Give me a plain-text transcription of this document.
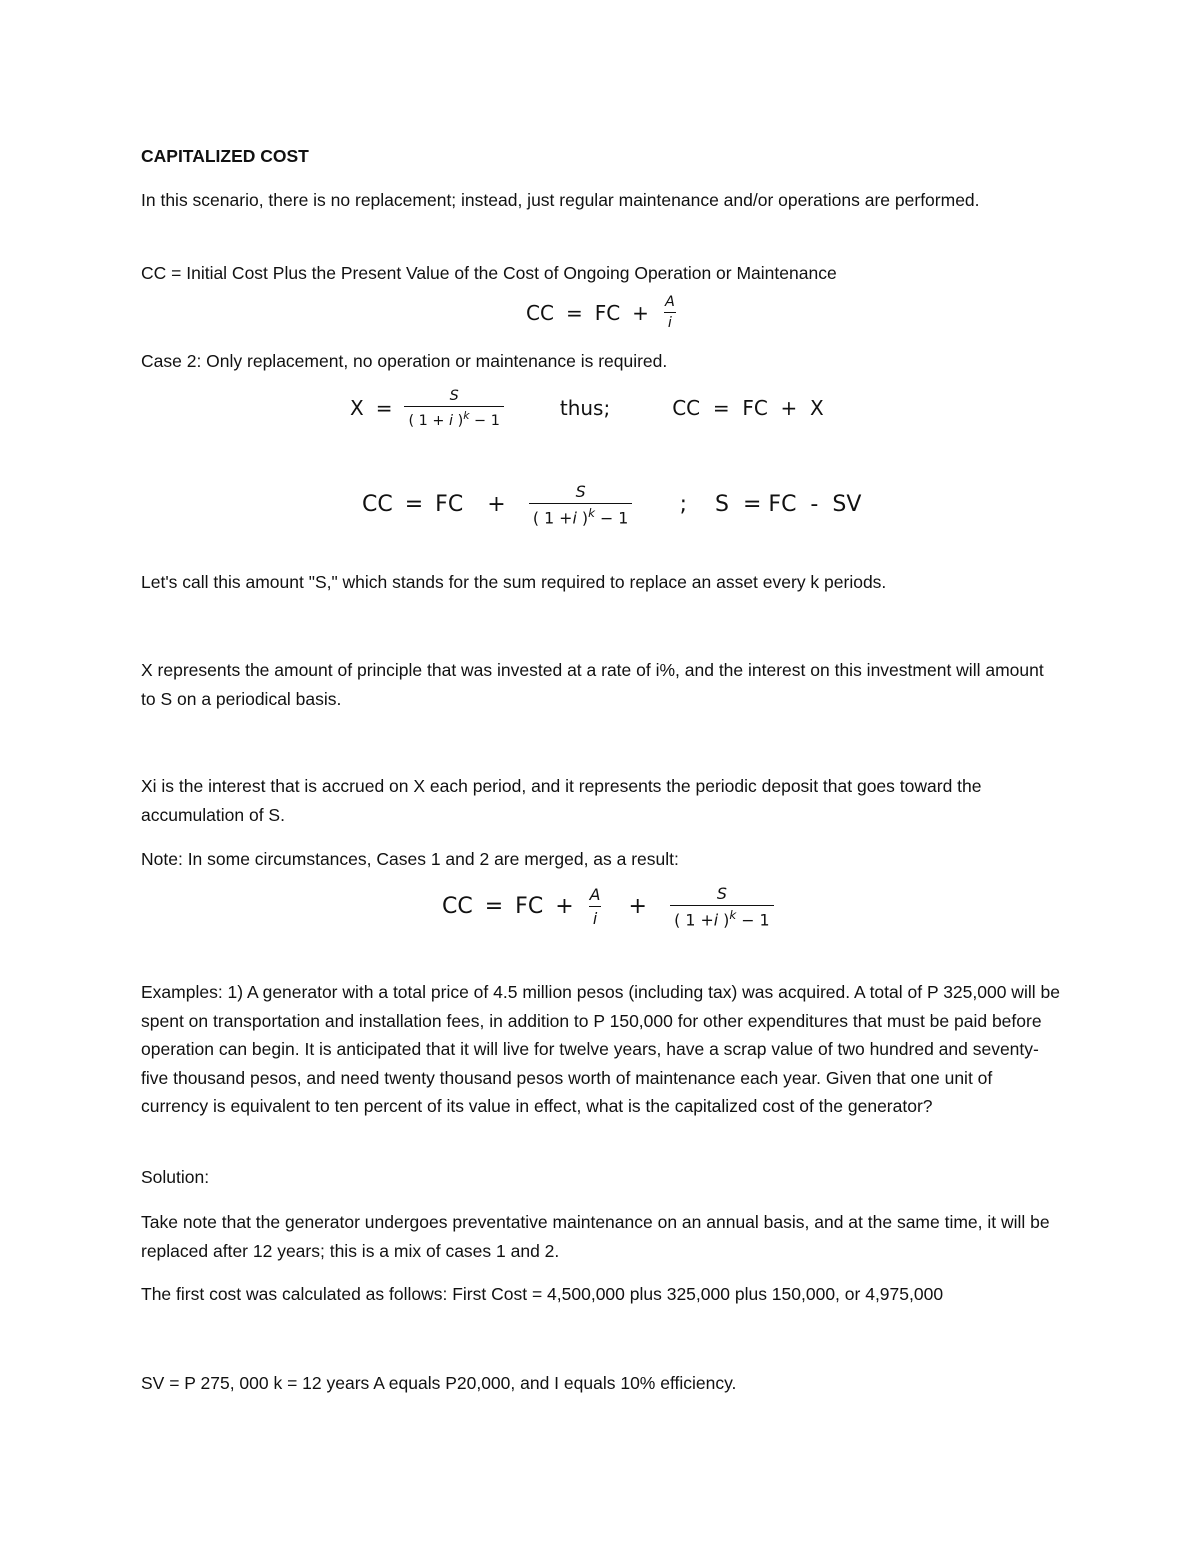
CAPITALIZED COST

In this scenario, there is no replacement; instead, just regular maintenance and/or operations are performed.

CC = Initial Cost Plus the Present Value of the Cost of Ongoing Operation or Maintenance

CC = FC + $\frac{A}{i}$

Case 2: Only replacement, no operation or maintenance is required.

$X = \frac{S}{( 1 + i )^k - 1}$	thus;	CC  =  FC  +  X
CC = FC + $\frac{S}{( 1 +i )^k - 1}$ ; S  = FC  -  SV

Let's call this amount "S," which stands for the sum required to replace an asset every k periods.

X represents the amount of principle that was invested at a rate of i%, and the interest on this investment will amount to S on a periodical basis.

Xi is the interest that is accrued on X each period, and it represents the periodic deposit that goes toward the accumulation of S.

Note: In some circumstances, Cases 1 and 2 are merged, as a result:

CC = FC + $\frac{A}{i} + \frac{S}{( 1 +i )^k - 1}$

Examples: 1) A generator with a total price of 4.5 million pesos (including tax) was acquired. A total of P 325,000 will be spent on transportation and installation fees, in addition to P 150,000 for other expenditures that must be paid before operation can begin. It is anticipated that it will live for twelve years, have a scrap value of two hundred and seventy-five thousand pesos, and need twenty thousand pesos worth of maintenance each year. Given that one unit of currency is equivalent to ten percent of its value in effect, what is the capitalized cost of the generator?

Solution:

Take note that the generator undergoes preventative maintenance on an annual basis, and at the same time, it will be replaced after 12 years; this is a mix of cases 1 and 2.

The first cost was calculated as follows: First Cost = 4,500,000 plus 325,000 plus 150,000, or 4,975,000

SV = P 275, 000 k = 12 years A equals P20,000, and I equals 10% efficiency.
